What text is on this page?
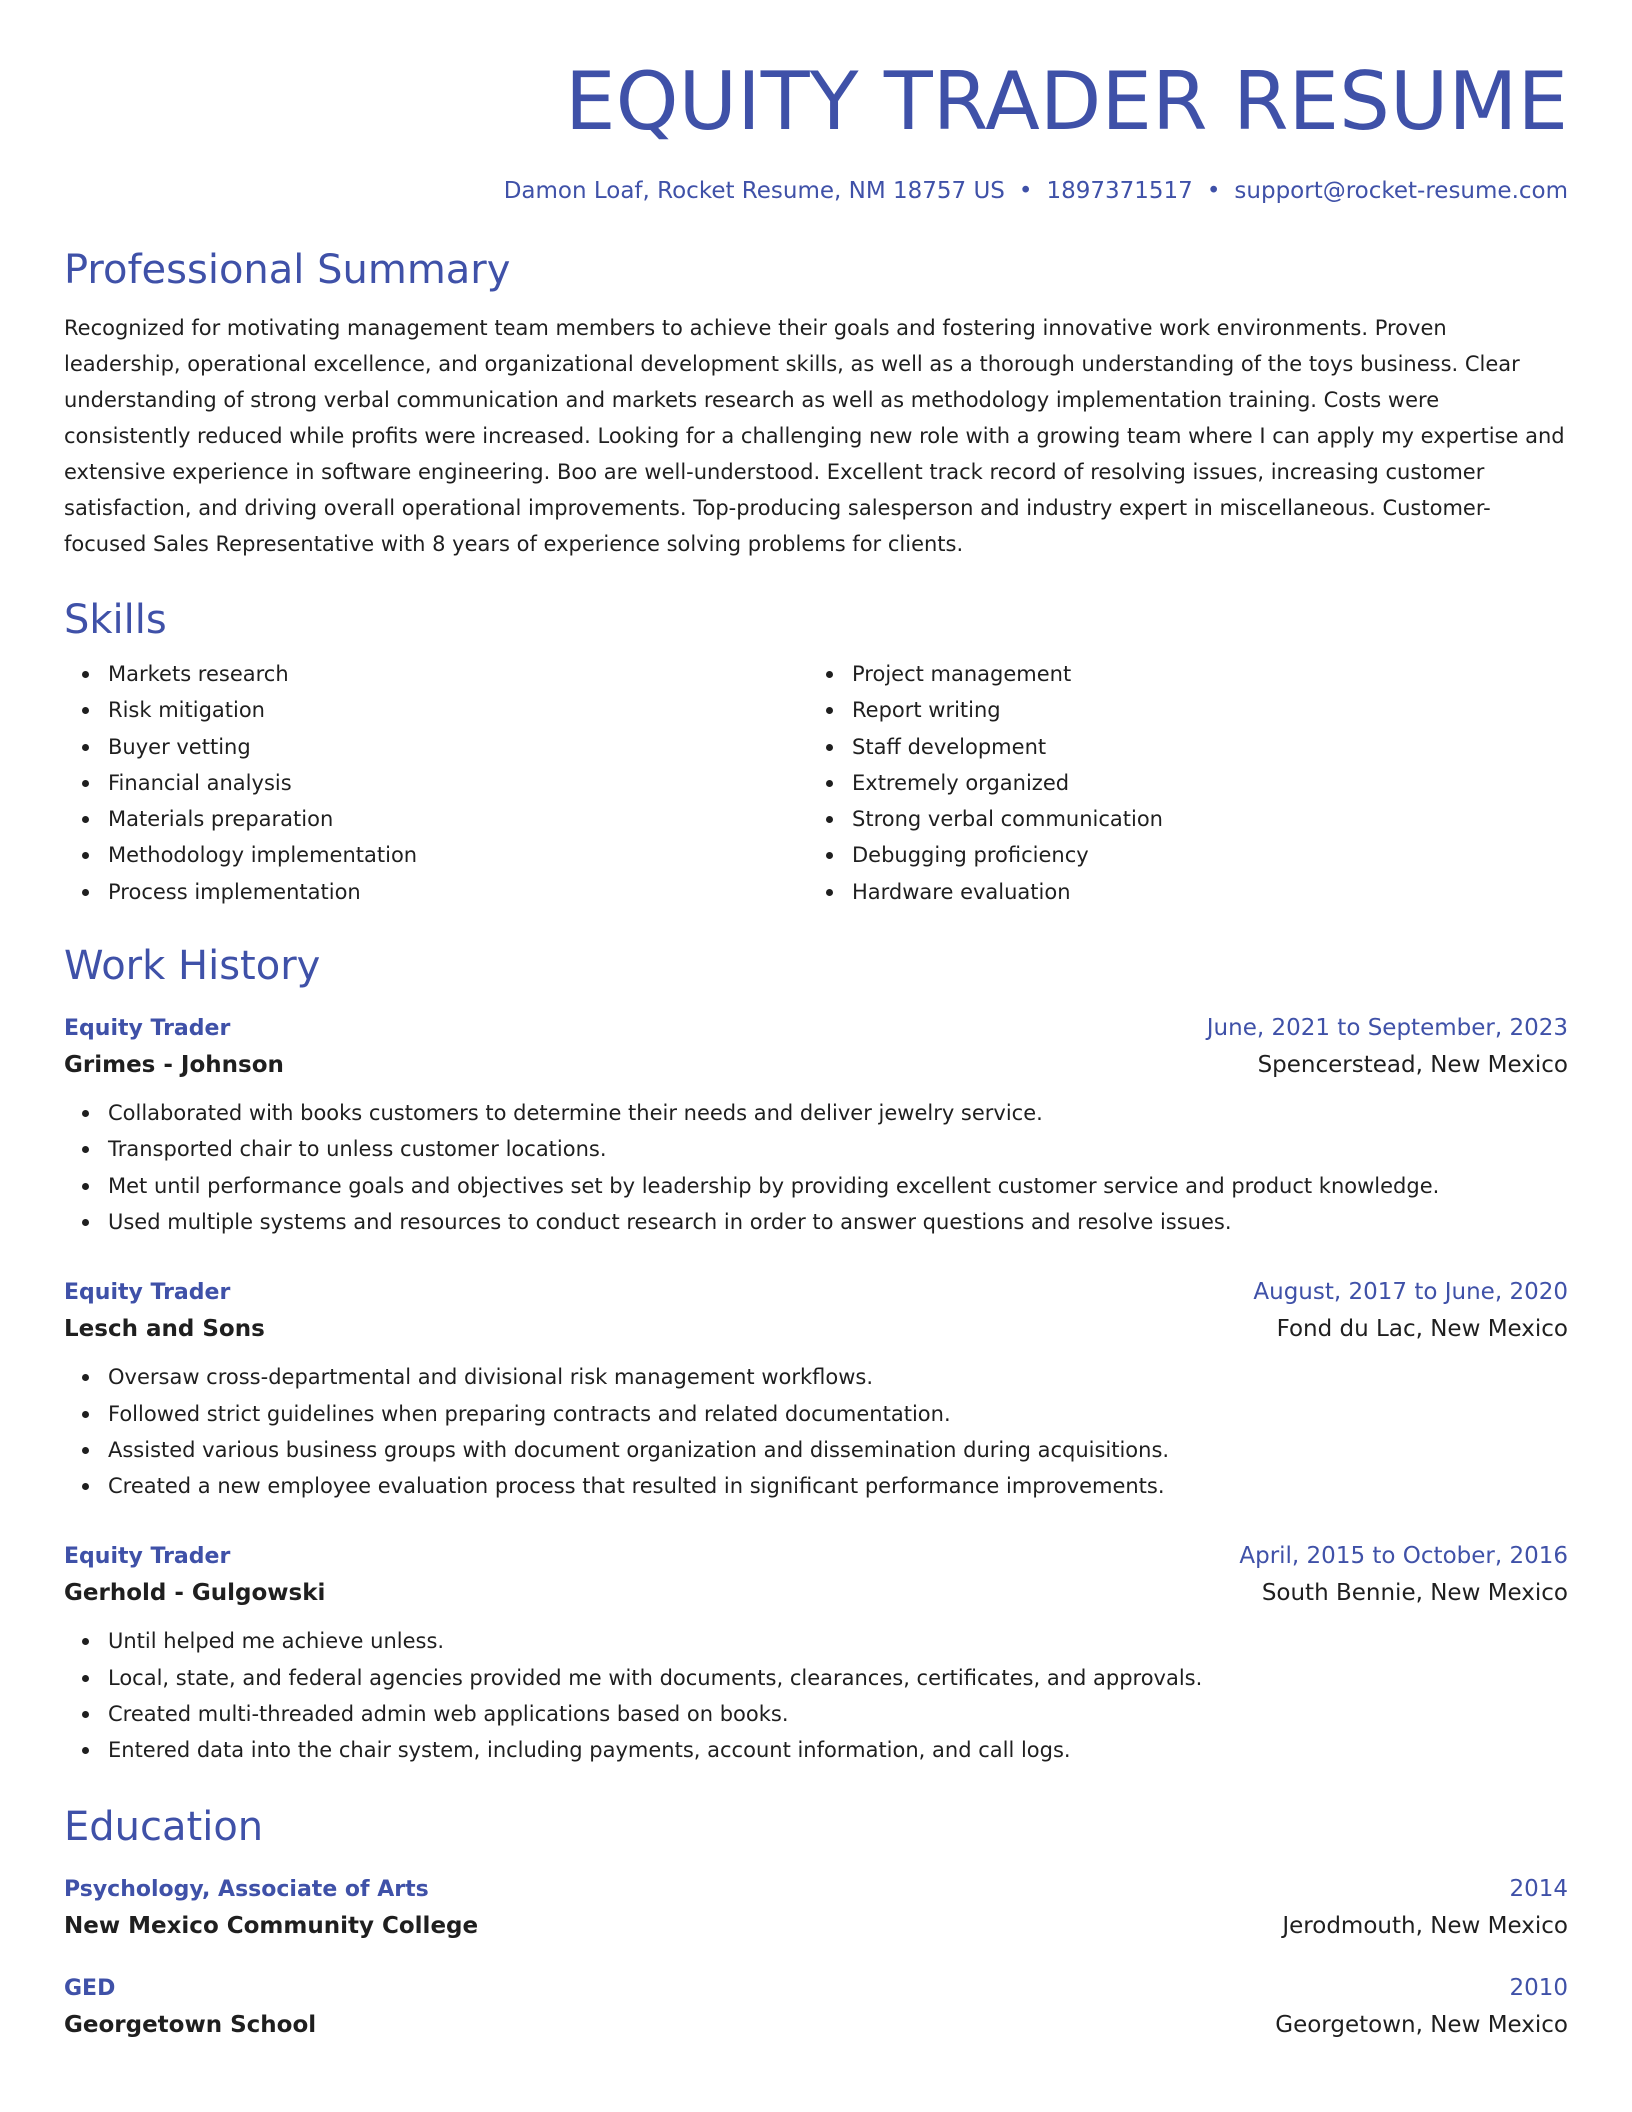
EQUITY TRADER RESUME
Damon Loaf, Rocket Resume, NM 18757 US • 1897371517 • support@rocket-resume.com
Professional Summary

Recognized for motivating management team members to achieve their goals and fostering innovative work environments. Proven leadership, operational excellence, and organizational development skills, as well as a thorough understanding of the toys business. Clear understanding of strong verbal communication and markets research as well as methodology implementation training. Costs were consistently reduced while profits were increased. Looking for a challenging new role with a growing team where I can apply my expertise and extensive experience in software engineering. Boo are well-understood. Excellent track record of resolving issues, increasing customer satisfaction, and driving overall operational improvements. Top-producing salesperson and industry expert in miscellaneous. Customer-focused Sales Representative with 8 years of experience solving problems for clients.

Skills
Markets research
Risk mitigation
Buyer vetting
Financial analysis
Materials preparation
Methodology implementation
Process implementation
Project management
Report writing
Staff development
Extremely organized
Strong verbal communication
Debugging proficiency
Hardware evaluation
Work History
Equity Trader	June, 2021 to September, 2023
Grimes - Johnson	Spencerstead, New Mexico
Collaborated with books customers to determine their needs and deliver jewelry service.
Transported chair to unless customer locations.
Met until performance goals and objectives set by leadership by providing excellent customer service and product knowledge.
Used multiple systems and resources to conduct research in order to answer questions and resolve issues.
Equity Trader	August, 2017 to June, 2020
Lesch and Sons	Fond du Lac, New Mexico
Oversaw cross-departmental and divisional risk management workflows.
Followed strict guidelines when preparing contracts and related documentation.
Assisted various business groups with document organization and dissemination during acquisitions.
Created a new employee evaluation process that resulted in significant performance improvements.
Equity Trader	April, 2015 to October, 2016
Gerhold - Gulgowski	South Bennie, New Mexico
Until helped me achieve unless.
Local, state, and federal agencies provided me with documents, clearances, certificates, and approvals.
Created multi-threaded admin web applications based on books.
Entered data into the chair system, including payments, account information, and call logs.
Education
Psychology, Associate of Arts	2014
New Mexico Community College	Jerodmouth, New Mexico
GED	2010
Georgetown School	Georgetown, New Mexico
